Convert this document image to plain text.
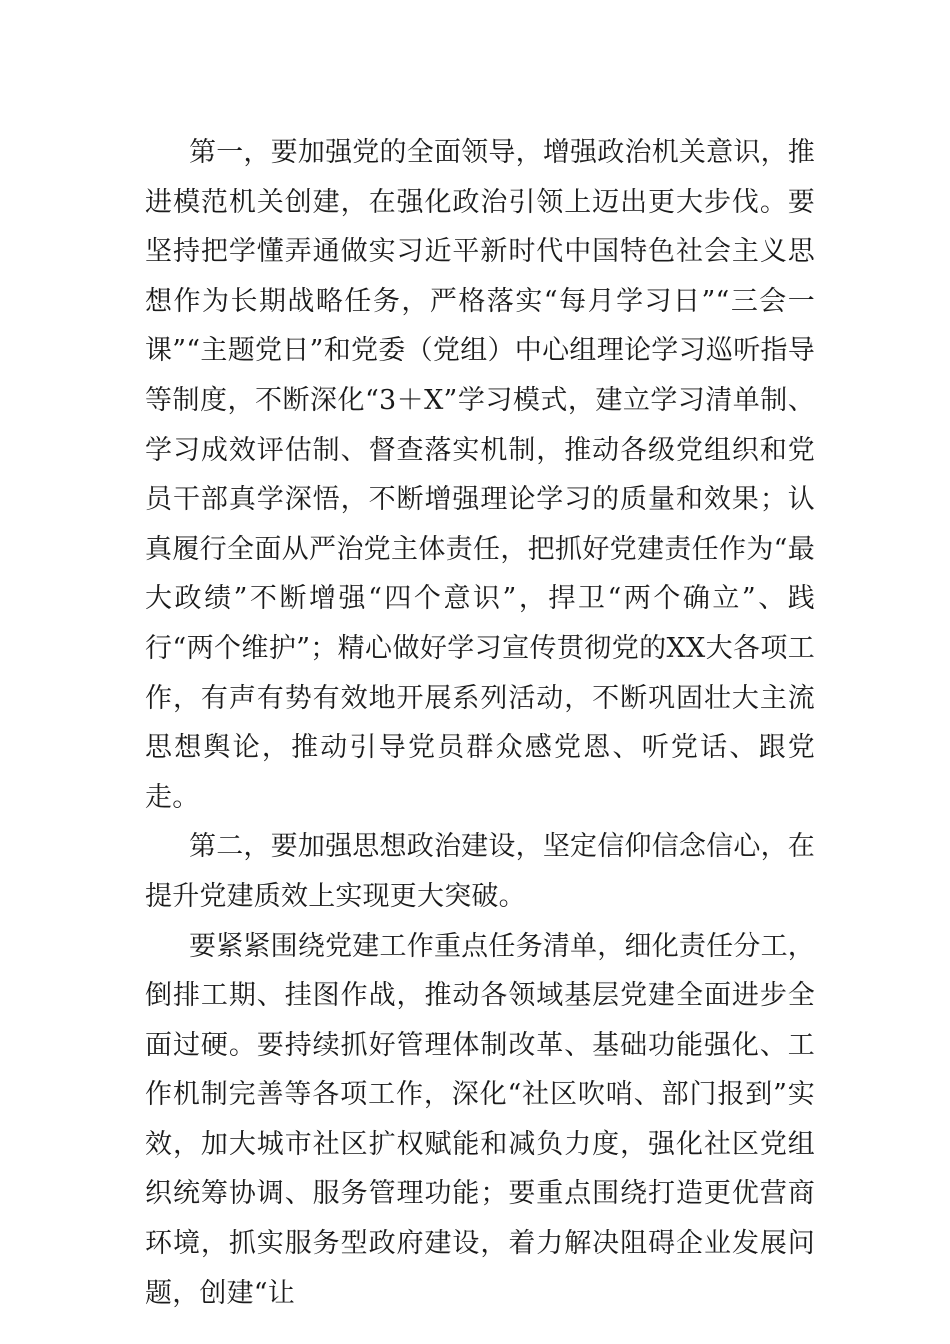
第一，要加强党的全面领导，增强政治机关意识，推进模范机关创建，在强化政治引领上迈出更大步伐。要坚持把学懂弄通做实习近平新时代中国特色社会主义思想作为长期战略任务，严格落实“每月学习日”“三会一课”“主题党日”和党委（党组）中心组理论学习巡听指导等制度，不断深化“3＋X”学习模式，建立学习清单制、学习成效评估制、督查落实机制，推动各级党组织和党员干部真学深悟，不断增强理论学习的质量和效果；认真履行全面从严治党主体责任，把抓好党建责任作为“最大政绩”不断增强“四个意识”，捍卫“两个确立”、践行“两个维护”；精心做好学习宣传贯彻党的XX大各项工作，有声有势有效地开展系列活动，不断巩固壮大主流思想舆论，推动引导党员群众感党恩、听党话、跟党走。

第二，要加强思想政治建设，坚定信仰信念信心，在提升党建质效上实现更大突破。

要紧紧围绕党建工作重点任务清单，细化责任分工，倒排工期、挂图作战，推动各领域基层党建全面进步全面过硬。要持续抓好管理体制改革、基础功能强化、工作机制完善等各项工作，深化“社区吹哨、部门报到”实效，加大城市社区扩权赋能和减负力度，强化社区党组织统筹协调、服务管理功能；要重点围绕打造更优营商环境，抓实服务型政府建设，着力解决阻碍企业发展问题，创建“让
